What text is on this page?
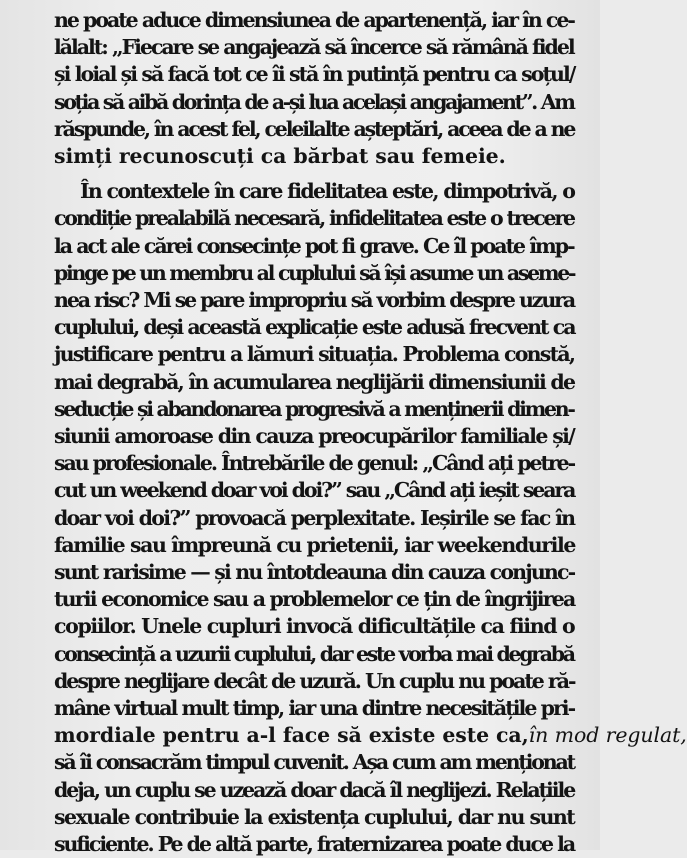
ne poate aduce dimensiunea de apartenență, iar în ce-
lălalt: „Fiecare se angajează să încerce să rămână fidel
și loial și să facă tot ce îi stă în putință pentru ca soțul/
soția să aibă dorința de a-și lua același angajament”. Am
răspunde, în acest fel, celeilalte așteptări, aceea de a ne
simți recunoscuți ca bărbat sau femeie.
În contextele în care fidelitatea este, dimpotrivă, o
condiție prealabilă necesară, infidelitatea este o trecere
la act ale cărei consecințe pot fi grave. Ce îl poate împ-
pinge pe un membru al cuplului să își asume un aseme-
nea risc? Mi se pare impropriu să vorbim despre uzura
cuplului, deși această explicație este adusă frecvent ca
justificare pentru a lămuri situația. Problema constă,
mai degrabă, în acumularea neglijării dimensiunii de
seducție și abandonarea progresivă a menținerii dimen-
siunii amoroase din cauza preocupărilor familiale și/
sau profesionale. Întrebările de genul: „Când ați petre-
cut un weekend doar voi doi?” sau „Când ați ieșit seara
doar voi doi?” provoacă perplexitate. Ieșirile se fac în
familie sau împreună cu prietenii, iar weekendurile
sunt rarisime — și nu întotdeauna din cauza conjunc-
turii economice sau a problemelor ce țin de îngrijirea
copiilor. Unele cupluri invocă dificultățile ca fiind o
consecință a uzurii cuplului, dar este vorba mai degrabă
despre neglijare decât de uzură. Un cuplu nu poate ră-
mâne virtual mult timp, iar una dintre necesitățile pri-
mordiale pentru a-l face să existe este ca, în mod regulat,
să îi consacrăm timpul cuvenit. Așa cum am menționat
deja, un cuplu se uzează doar dacă îl neglijezi. Relațiile
sexuale contribuie la existența cuplului, dar nu sunt
suficiente. Pe de altă parte, fraternizarea poate duce la
